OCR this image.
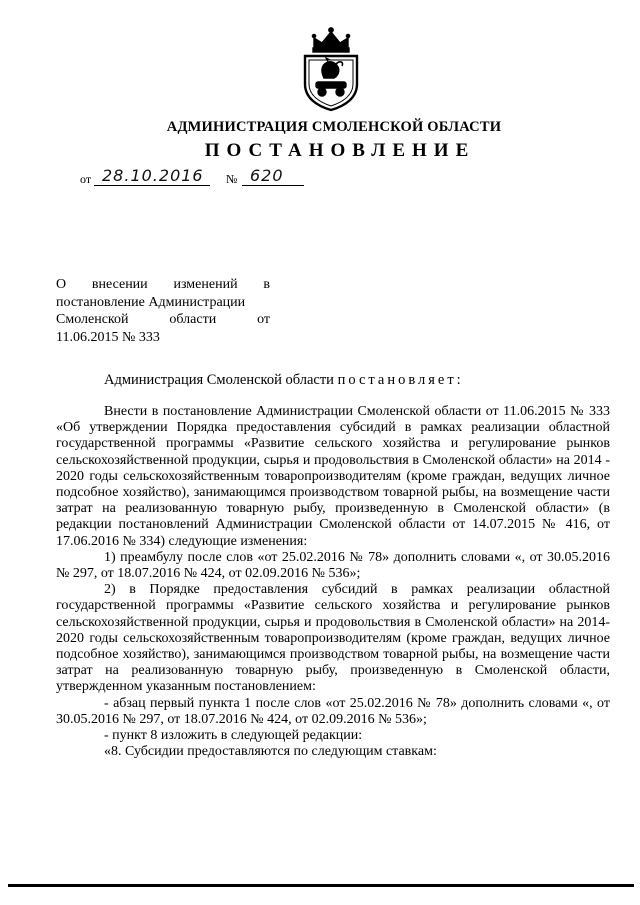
АДМИНИСТРАЦИЯ СМОЛЕНСКОЙ ОБЛАСТИ
ПОСТАНОВЛЕНИЕ
от 28.10.2016 № 620
О внесении изменений в
постановление Администрации
Смоленской области от
11.06.2015 № 333
Администрация Смоленской области постановляет:

Внести в постановление Администрации Смоленской области от 11.06.2015 № 333 «Об утверждении Порядка предоставления субсидий в рамках реализации областной государственной программы «Развитие сельского хозяйства и регулирование рынков сельскохозяйственной продукции, сырья и продовольствия в Смоленской области» на 2014 - 2020 годы сельскохозяйственным товаропроизводителям (кроме граждан, ведущих личное подсобное хозяйство), занимающимся производством товарной рыбы, на возмещение части затрат на реализованную товарную рыбу, произведенную в Смоленской области» (в редакции постановлений Администрации Смоленской области от 14.07.2015 № 416, от 17.06.2016 № 334) следующие изменения:

1) преамбулу после слов «от 25.02.2016 № 78» дополнить словами «, от 30.05.2016 № 297, от 18.07.2016 № 424, от 02.09.2016 № 536»;

2) в Порядке предоставления субсидий в рамках реализации областной государственной программы «Развитие сельского хозяйства и регулирование рынков сельскохозяйственной продукции, сырья и продовольствия в Смоленской области» на 2014-2020 годы сельскохозяйственным товаропроизводителям (кроме граждан, ведущих личное подсобное хозяйство), занимающимся производством товарной рыбы, на возмещение части затрат на реализованную товарную рыбу, произведенную в Смоленской области, утвержденном указанным постановлением:

- абзац первый пункта 1 после слов «от 25.02.2016 № 78» дополнить словами «, от 30.05.2016 № 297, от 18.07.2016 № 424, от 02.09.2016 № 536»;

- пункт 8 изложить в следующей редакции:

«8. Субсидии предоставляются по следующим ставкам:
